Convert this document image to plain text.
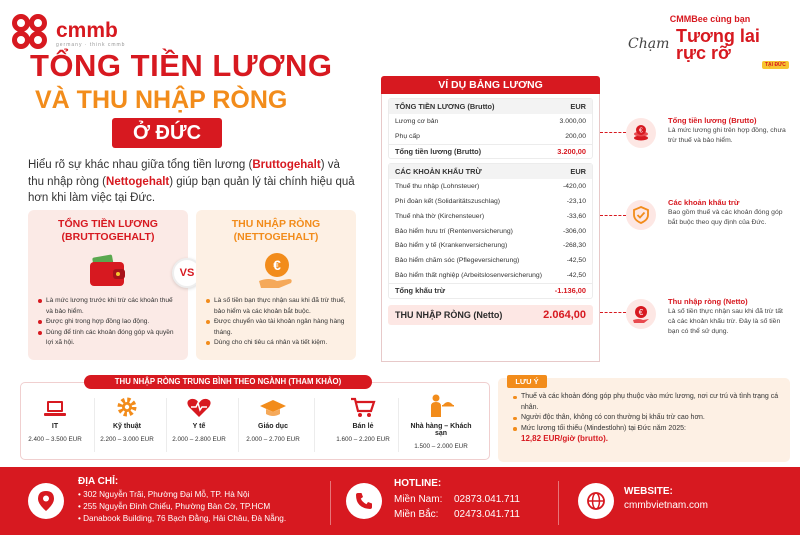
cmmb
germany · think cmmb
CMMBee cùng bạn
Chạm Tương lai
rực rỡ
TẠI ĐỨC
TỔNG TIỀN LƯƠNG
VÀ THU NHẬP RÒNG
Ở ĐỨC
Hiểu rõ sự khác nhau giữa tổng tiền lương (Bruttogehalt) và thu nhập ròng (Nettogehalt) giúp bạn quản lý tài chính hiệu quả hơn khi làm việc tại Đức.
TỔNG TIỀN LƯƠNG
(BRUTTOGEHALT)
Là mức lương trước khi trừ các khoản thuế và bảo hiểm.
Được ghi trong hợp đồng lao động.
Dùng để tính các khoản đóng góp và quyền lợi xã hội.
VS
THU NHẬP RÒNG
(NETTOGEHALT)
€
Là số tiền bạn thực nhận sau khi đã trừ thuế, bảo hiểm và các khoản bắt buộc.
Được chuyển vào tài khoản ngân hàng hàng tháng.
Dùng cho chi tiêu cá nhân và tiết kiệm.
VÍ DỤ BẢNG LƯƠNG
TỔNG TIỀN LƯƠNG (Brutto)	EUR
Lương cơ bản	3.000,00
Phụ cấp	200,00
Tổng tiền lương (Brutto)	3.200,00
CÁC KHOẢN KHẤU TRỪ	EUR
Thuế thu nhập (Lohnsteuer)	-420,00
Phí đoàn kết (Solidaritätszuschlag)	-23,10
Thuế nhà thờ (Kirchensteuer)	-33,60
Bảo hiểm hưu trí (Rentenversicherung)	-306,00
Bảo hiểm y tế (Krankenversicherung)	-268,30
Bảo hiểm chăm sóc (Pflegeversicherung)	-42,50
Bảo hiểm thất nghiệp (Arbeitslosenversicherung)	-42,50
Tổng khấu trừ	-1.136,00
THU NHẬP RÒNG (Netto)	2.064,00
€
Tổng tiền lương (Brutto)

Là mức lương ghi trên hợp đồng, chưa trừ thuế và bảo hiểm.

Các khoản khấu trừ

Bao gồm thuế và các khoản đóng góp bắt buộc theo quy định của Đức.

€
Thu nhập ròng (Netto)

Là số tiền thực nhận sau khi đã trừ tất cả các khoản khấu trừ. Đây là số tiền bạn có thể sử dụng.

THU NHẬP RÒNG TRUNG BÌNH THEO NGÀNH (THAM KHẢO)
IT
2.400 – 3.500 EUR
Kỹ thuật
2.200 – 3.000 EUR
Y tế
2.000 – 2.800 EUR
Giáo dục
2.000 – 2.700 EUR
Bán lẻ
1.600 – 2.200 EUR
Nhà hàng – Khách sạn
1.500 – 2.000 EUR
LƯU Ý
Thuế và các khoản đóng góp phụ thuộc vào mức lương, nơi cư trú và tình trạng cá nhân.
Người độc thân, không có con thường bị khấu trừ cao hơn.
Mức lương tối thiểu (Mindestlohn) tại Đức năm 2025:
12,82 EUR/giờ (brutto).
ĐỊA CHỈ:
• 302 Nguyễn Trãi, Phường Đại Mỗ, TP. Hà Nội
• 255 Nguyễn Đình Chiểu, Phường Bàn Cờ, TP.HCM
• Danabook Building, 76 Bạch Đằng, Hải Châu, Đà Nẵng.
HOTLINE:
Miền Nam: 02873.041.711
Miền Bắc: 02473.041.711
WEBSITE:
cmmbvietnam.com
